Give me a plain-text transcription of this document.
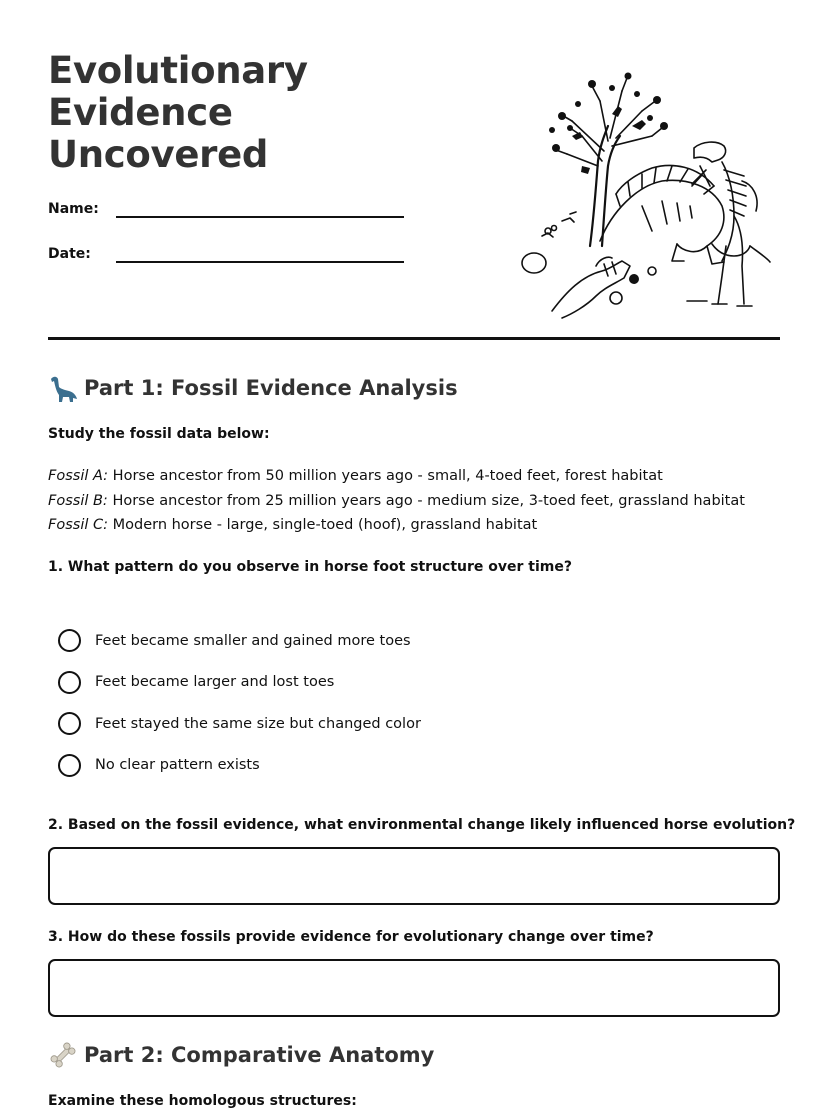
Evolutionary Evidence
Uncovered
Name:
Date:
Part 1: Fossil Evidence Analysis
Study the fossil data below:
Fossil A: Horse ancestor from 50 million years ago - small, 4-toed feet, forest habitat
Fossil B: Horse ancestor from 25 million years ago - medium size, 3-toed feet, grassland habitat
Fossil C: Modern horse - large, single-toed (hoof), grassland habitat
1. What pattern do you observe in horse foot structure over time?
Feet became smaller and gained more toes
Feet became larger and lost toes
Feet stayed the same size but changed color
No clear pattern exists
2. Based on the fossil evidence, what environmental change likely influenced horse evolution?
3. How do these fossils provide evidence for evolutionary change over time?
Part 2: Comparative Anatomy
Examine these homologous structures:
